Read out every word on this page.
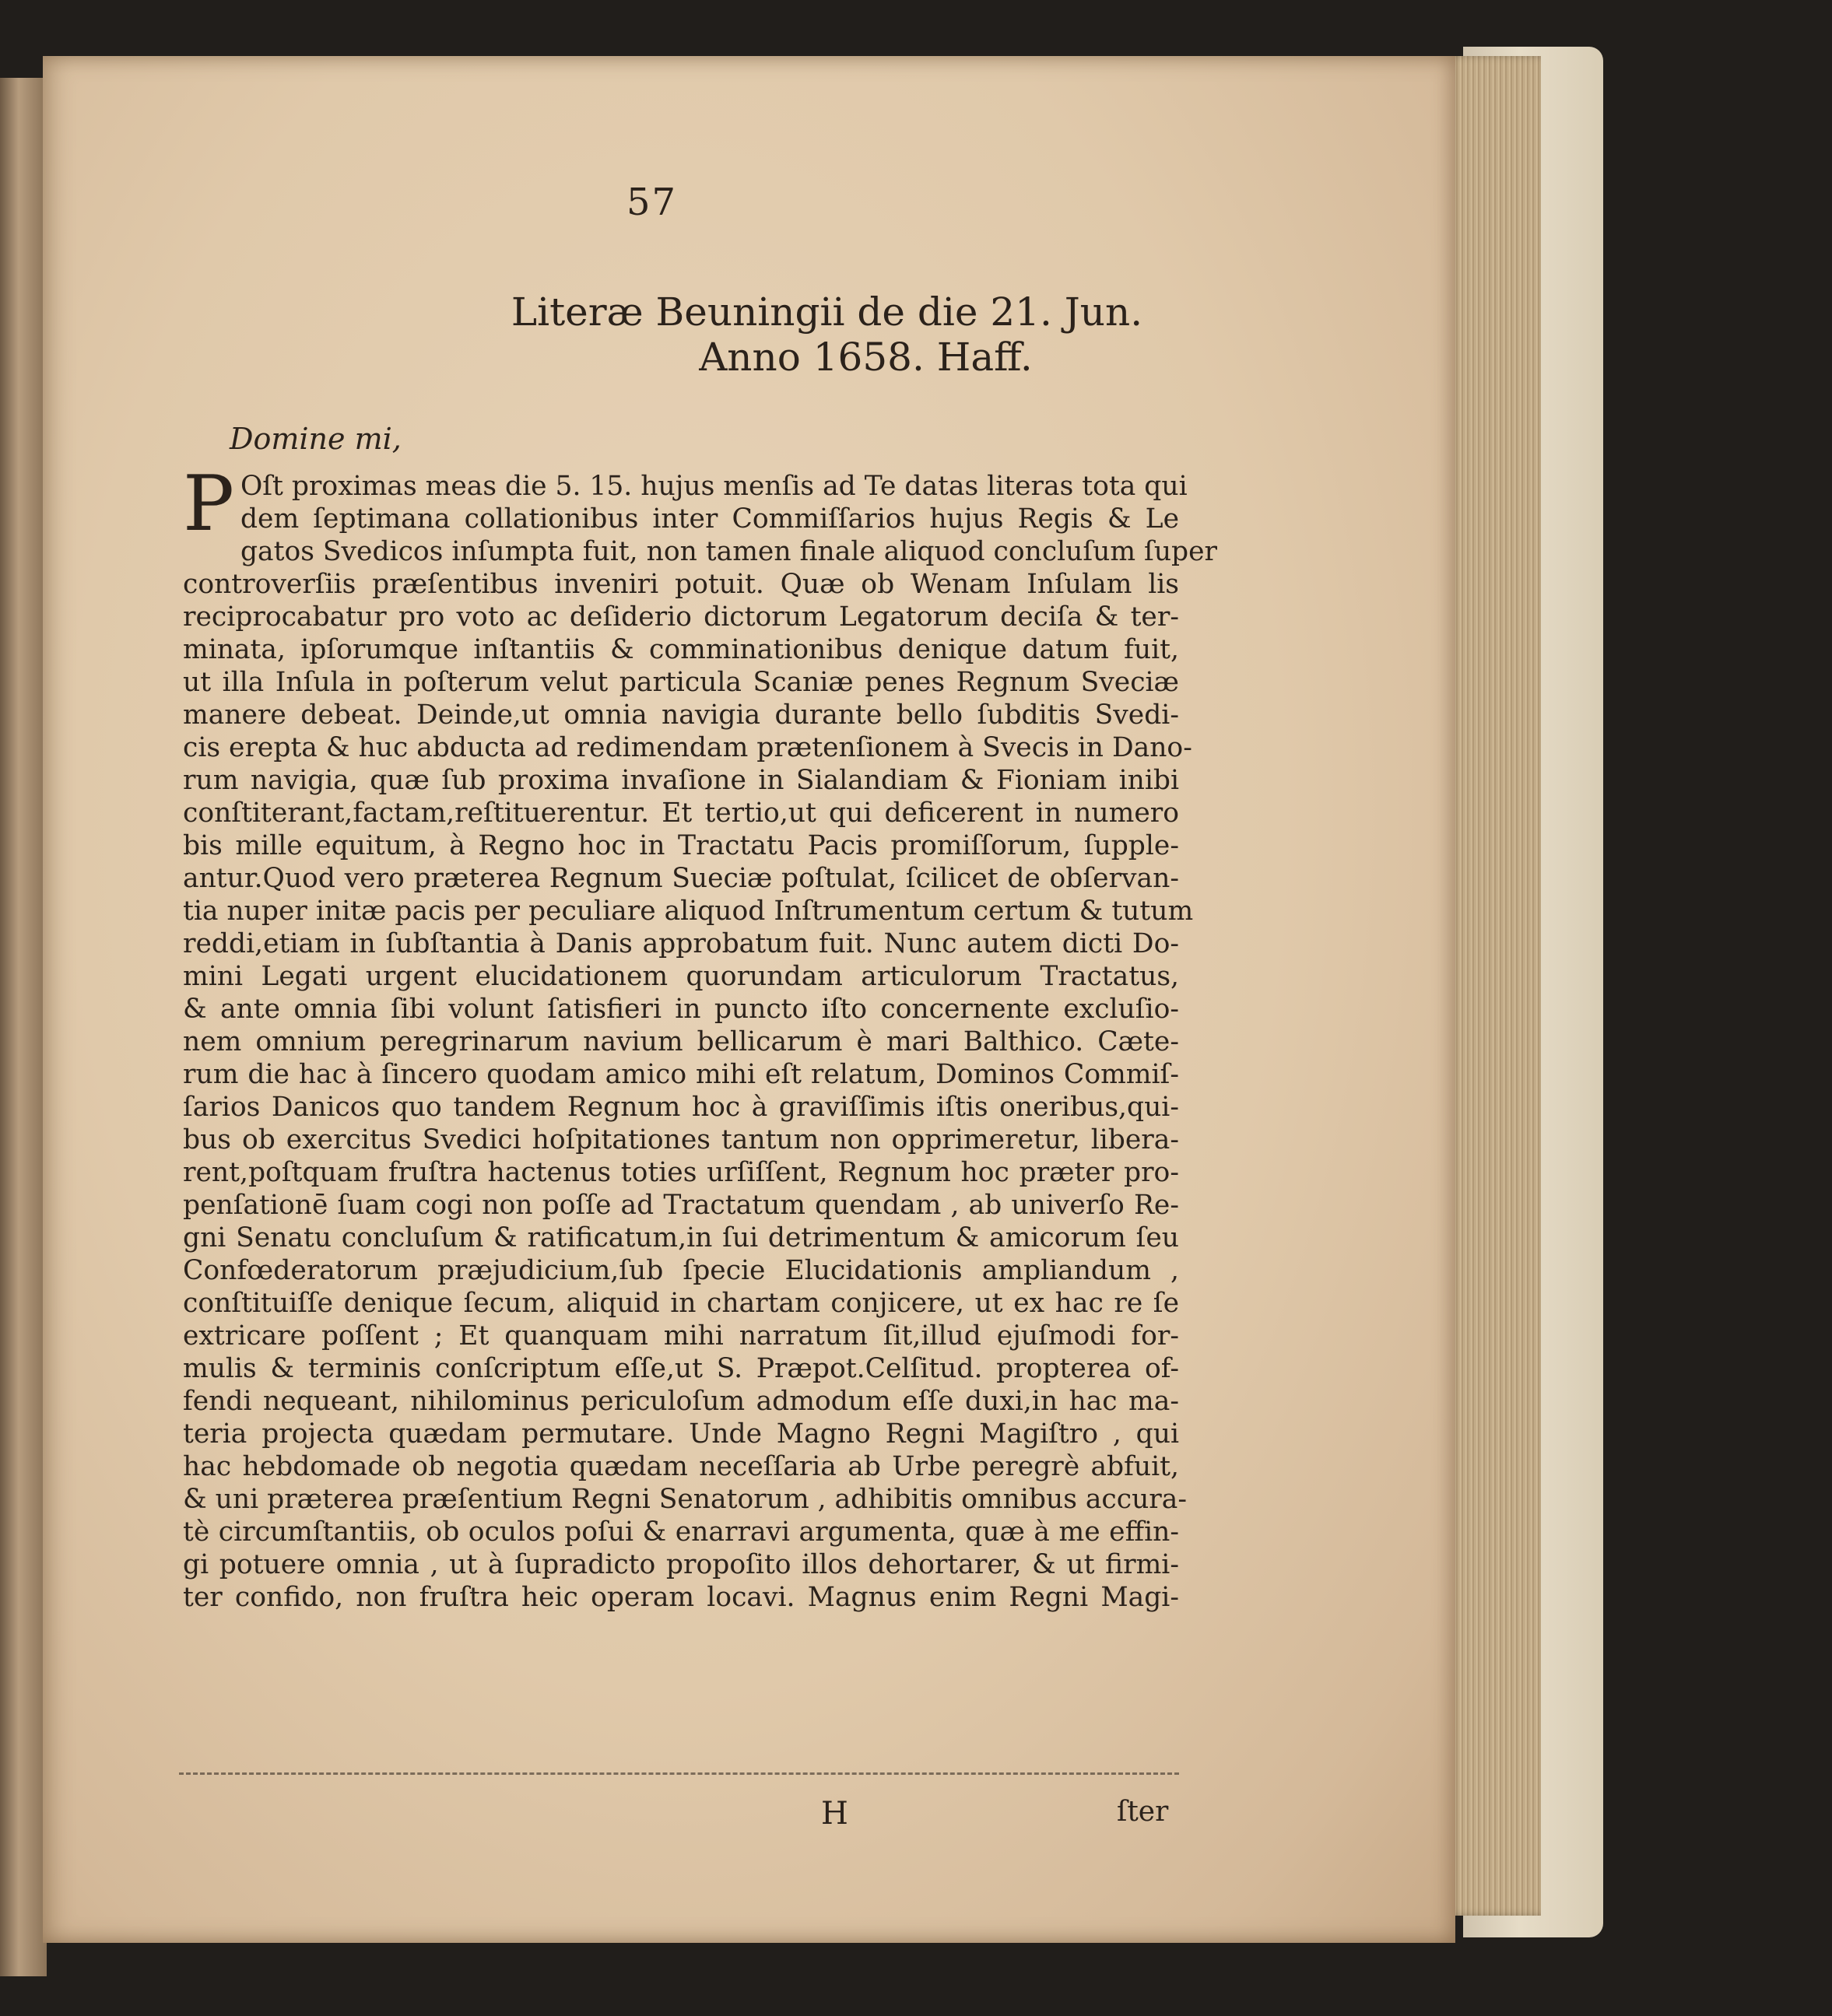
57
Literæ Beuningii de die 21. Jun.
Anno 1658. Haff.
Domine mi,
P Oſt proximas meas die 5. 15. hujus menſis ad Te datas literas tota qui
dem ſeptimana collationibus inter Commiſſarios hujus Regis & Le
gatos Svedicos inſumpta fuit, non tamen finale aliquod concluſum ſuper
controverſiis præſentibus inveniri potuit. Quæ ob Wenam Inſulam lis
reciprocabatur pro voto ac deſiderio dictorum Legatorum deciſa & ter-
minata, ipſorumque inſtantiis & comminationibus denique datum fuit,
ut illa Inſula in poſterum velut particula Scaniæ penes Regnum Sveciæ
manere debeat. Deinde,ut omnia navigia durante bello ſubditis Svedi-
cis erepta & huc abducta ad redimendam prætenſionem à Svecis in Dano-
rum navigia, quæ ſub proxima invaſione in Sialandiam & Fioniam inibi
conſtiterant,factam,reſtituerentur. Et tertio,ut qui deficerent in numero
bis mille equitum, à Regno hoc in Tractatu Pacis promiſſorum, ſupple-
antur.Quod vero præterea Regnum Sueciæ poſtulat, ſcilicet de obſervan-
tia nuper initæ pacis per peculiare aliquod Inſtrumentum certum & tutum
reddi,etiam in ſubſtantia à Danis approbatum fuit. Nunc autem dicti Do-
mini Legati urgent elucidationem quorundam articulorum Tractatus,
& ante omnia ſibi volunt ſatisfieri in puncto iſto concernente excluſio-
nem omnium peregrinarum navium bellicarum è mari Balthico. Cæte-
rum die hac à ſincero quodam amico mihi eſt relatum, Dominos Commiſ-
ſarios Danicos quo tandem Regnum hoc à graviſſimis iſtis oneribus,qui-
bus ob exercitus Svedici hoſpitationes tantum non opprimeretur, libera-
rent,poſtquam fruſtra hactenus toties urſiſſent, Regnum hoc præter pro-
penſationē ſuam cogi non poſſe ad Tractatum quendam , ab univerſo Re-
gni Senatu concluſum & ratificatum,in ſui detrimentum & amicorum ſeu
Confœderatorum præjudicium,ſub ſpecie Elucidationis ampliandum ,
conſtituiſſe denique ſecum, aliquid in chartam conjicere, ut ex hac re ſe
extricare poſſent ; Et quanquam mihi narratum ſit,illud ejuſmodi for-
mulis & terminis conſcriptum eſſe,ut S. Præpot.Celſitud. propterea of-
fendi nequeant, nihilominus periculoſum admodum eſſe duxi,in hac ma-
teria projecta quædam permutare. Unde Magno Regni Magiſtro , qui
hac hebdomade ob negotia quædam neceſſaria ab Urbe peregrè abfuit,
& uni præterea præſentium Regni Senatorum , adhibitis omnibus accura-
tè circumſtantiis, ob oculos poſui & enarravi argumenta, quæ à me effin-
gi potuere omnia , ut à ſupradicto propoſito illos dehortarer, & ut firmi-
ter confido, non fruſtra heic operam locavi. Magnus enim Regni Magi-
H	ſter
